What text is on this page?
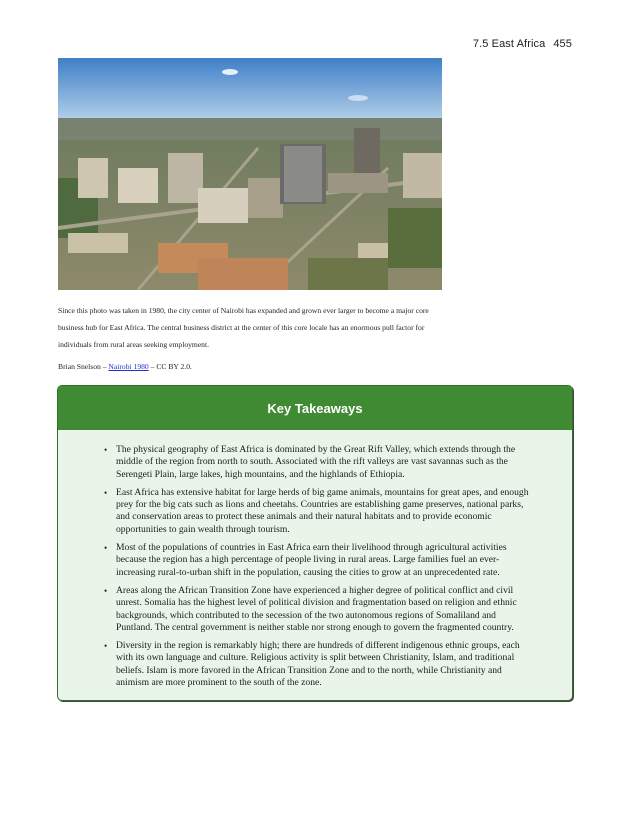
7.5 East Africa 455
Since this photo was taken in 1980, the city center of Nairobi has expanded and grown ever larger to become a major core business hub for East Africa. The central business district at the center of this core locale has an enormous pull factor for individuals from rural areas seeking employment.
Brian Snelson – Nairobi 1980 – CC BY 2.0.
Key Takeaways
• The physical geography of East Africa is dominated by the Great Rift Valley, which extends through the middle of the region from north to south. Associated with the rift valleys are vast savannas such as the Serengeti Plain, large lakes, high mountains, and the highlands of Ethiopia.
• East Africa has extensive habitat for large herds of big game animals, mountains for great apes, and enough prey for the big cats such as lions and cheetahs. Countries are establishing game preserves, national parks, and conservation areas to protect these animals and their natural habitats and to provide economic opportunities to gain wealth through tourism.
• Most of the populations of countries in East Africa earn their livelihood through agricultural activities because the region has a high percentage of people living in rural areas. Large families fuel an ever-increasing rural-to-urban shift in the population, causing the cities to grow at an unprecedented rate.
• Areas along the African Transition Zone have experienced a higher degree of political conflict and civil unrest. Somalia has the highest level of political division and fragmentation based on religion and ethnic backgrounds, which contributed to the secession of the two autonomous regions of Somaliland and Puntland. The central government is neither stable nor strong enough to govern the fragmented country.
• Diversity in the region is remarkably high; there are hundreds of different indigenous ethnic groups, each with its own language and culture. Religious activity is split between Christianity, Islam, and traditional beliefs. Islam is more favored in the African Transition Zone and to the north, while Christianity and animism are more prominent to the south of the zone.
